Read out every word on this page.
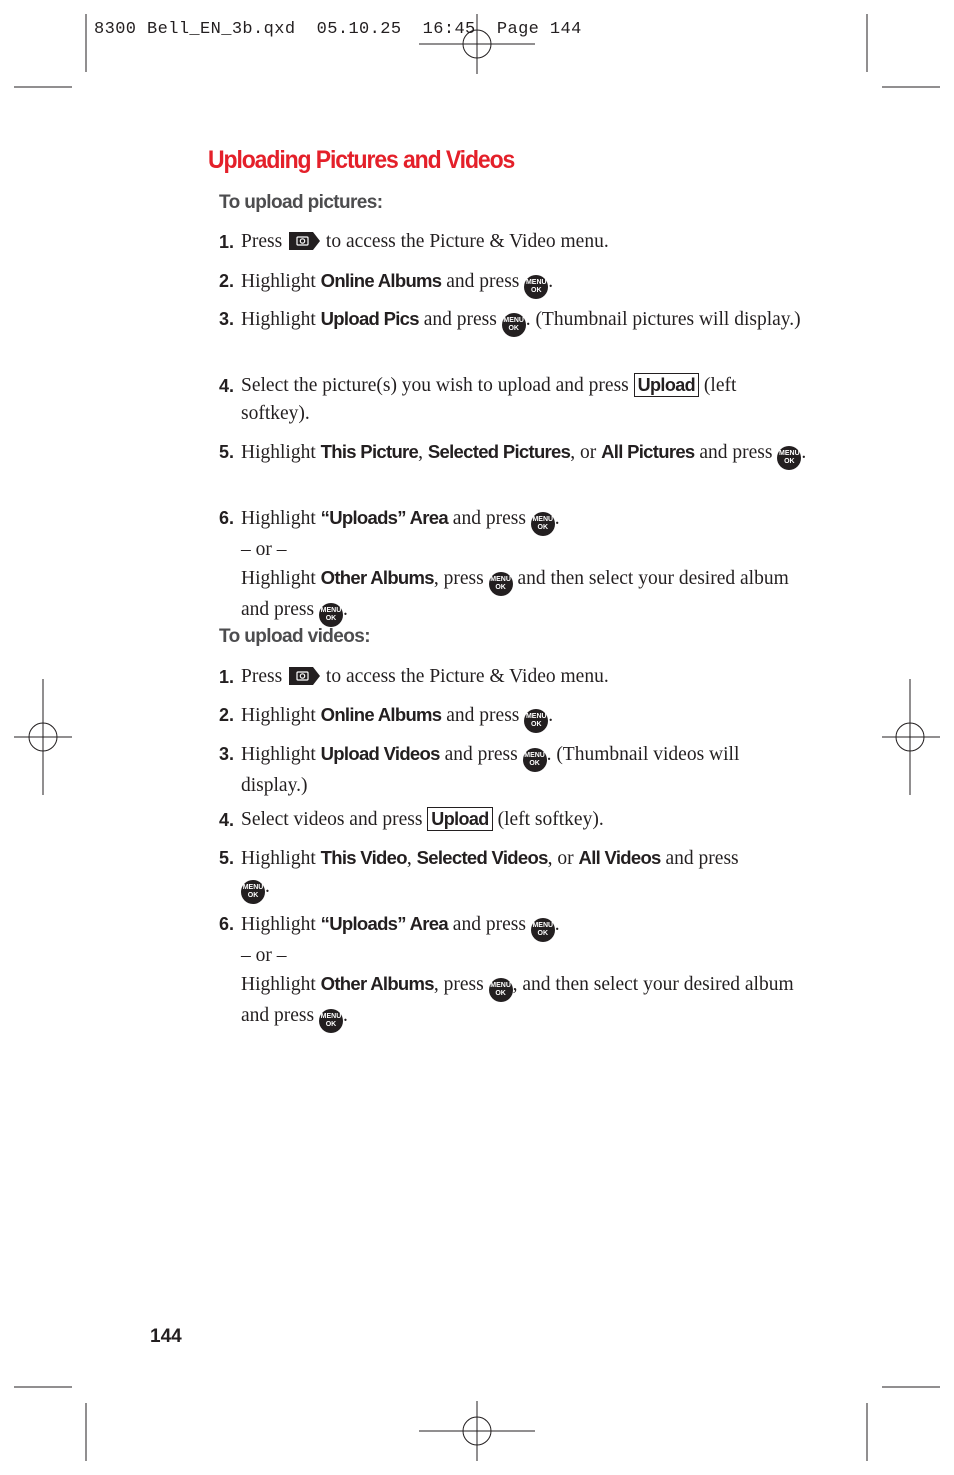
8300 Bell_EN_3b.qxd  05.10.25  16:45  Page 144
Uploading Pictures and Videos
To upload pictures:
1. Press to access the Picture & Video menu.
2. Highlight Online Albums and press MENU
OK .
3. Highlight Upload Pics and press MENU
OK . (Thumbnail pictures will display.)
4. Select the picture(s) you wish to upload and press Upload (left softkey).
5. Highlight This Picture, Selected Pictures, or All Pictures and press MENU
OK .
6. Highlight “Uploads” Area and press MENU
OK .
– or –
Highlight Other Albums, press MENU
OK and then select your desired album and press MENU
OK .
To upload videos:
1. Press to access the Picture & Video menu.
2. Highlight Online Albums and press MENU
OK .
3. Highlight Upload Videos and press MENU
OK . (Thumbnail videos will display.)
4. Select videos and press Upload (left softkey).
5. Highlight This Video, Selected Videos, or All Videos and press
MENU
OK .
6. Highlight “Uploads” Area and press MENU
OK .
– or –
Highlight Other Albums, press MENU
OK , and then select your desired album and press MENU
OK .
144
